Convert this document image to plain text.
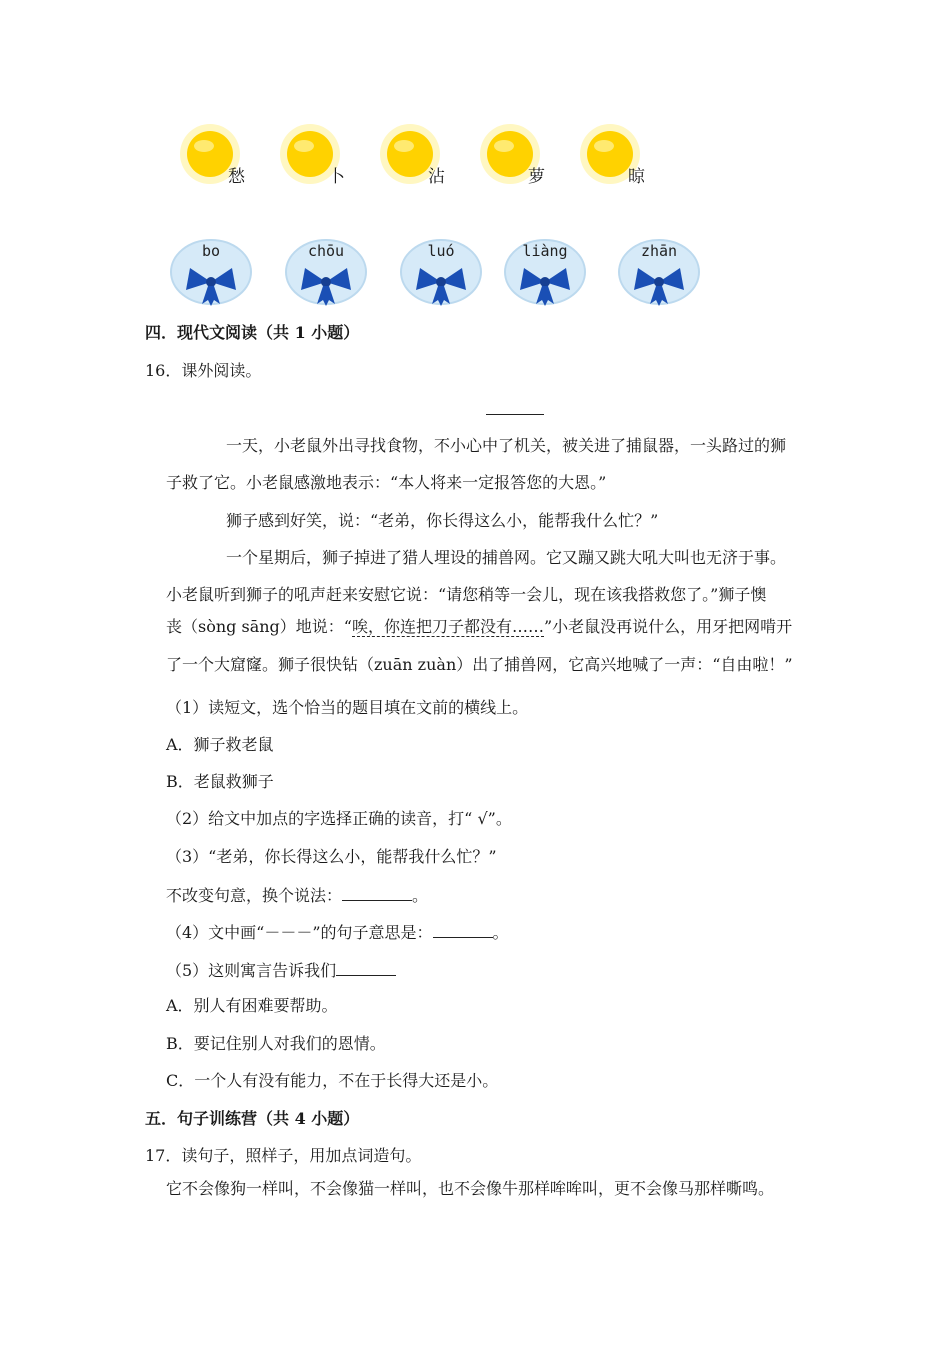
愁	卜	沾	萝	晾
bo	chōu	luó	liàng	zhān
四．现代文阅读（共 1 小题）
16．课外阅读。
一天，小老鼠外出寻找食物，不小心中了机关，被关进了捕鼠器，一头路过的狮
子救了它。小老鼠感激地表示：“本人将来一定报答您的大恩。”
狮子感到好笑，说：“老弟，你长得这么小，能帮我什么忙？”
一个星期后，狮子掉进了猎人埋设的捕兽网。它又蹦又跳大吼大叫也无济于事。
小老鼠听到狮子的吼声赶来安慰它说：“请您稍等一会儿，现在该我搭救您了。”狮子懊
丧（sòng sāng）地说：“唉，你连把刀子都没有……”小老鼠没再说什么，用牙把网啃开
了一个大窟窿。狮子很快钻（zuān zuàn）出了捕兽网，它高兴地喊了一声：“自由啦！”
（1）读短文，选个恰当的题目填在文前的横线上。
A．狮子救老鼠
B．老鼠救狮子
（2）给文中加点的字选择正确的读音，打“ √”。
（3）“老弟，你长得这么小，能帮我什么忙？”
不改变句意，换个说法：	。
（4）文中画“－－－”的句子意思是：	。
（5）这则寓言告诉我们
A．别人有困难要帮助。
B．要记住别人对我们的恩情。
C．一个人有没有能力，不在于长得大还是小。
五．句子训练营（共 4 小题）
17．读句子，照样子，用加点词造句。
它不会像狗一样叫，不会像猫一样叫，也不会像牛那样哞哞叫，更不会像马那样嘶鸣。
